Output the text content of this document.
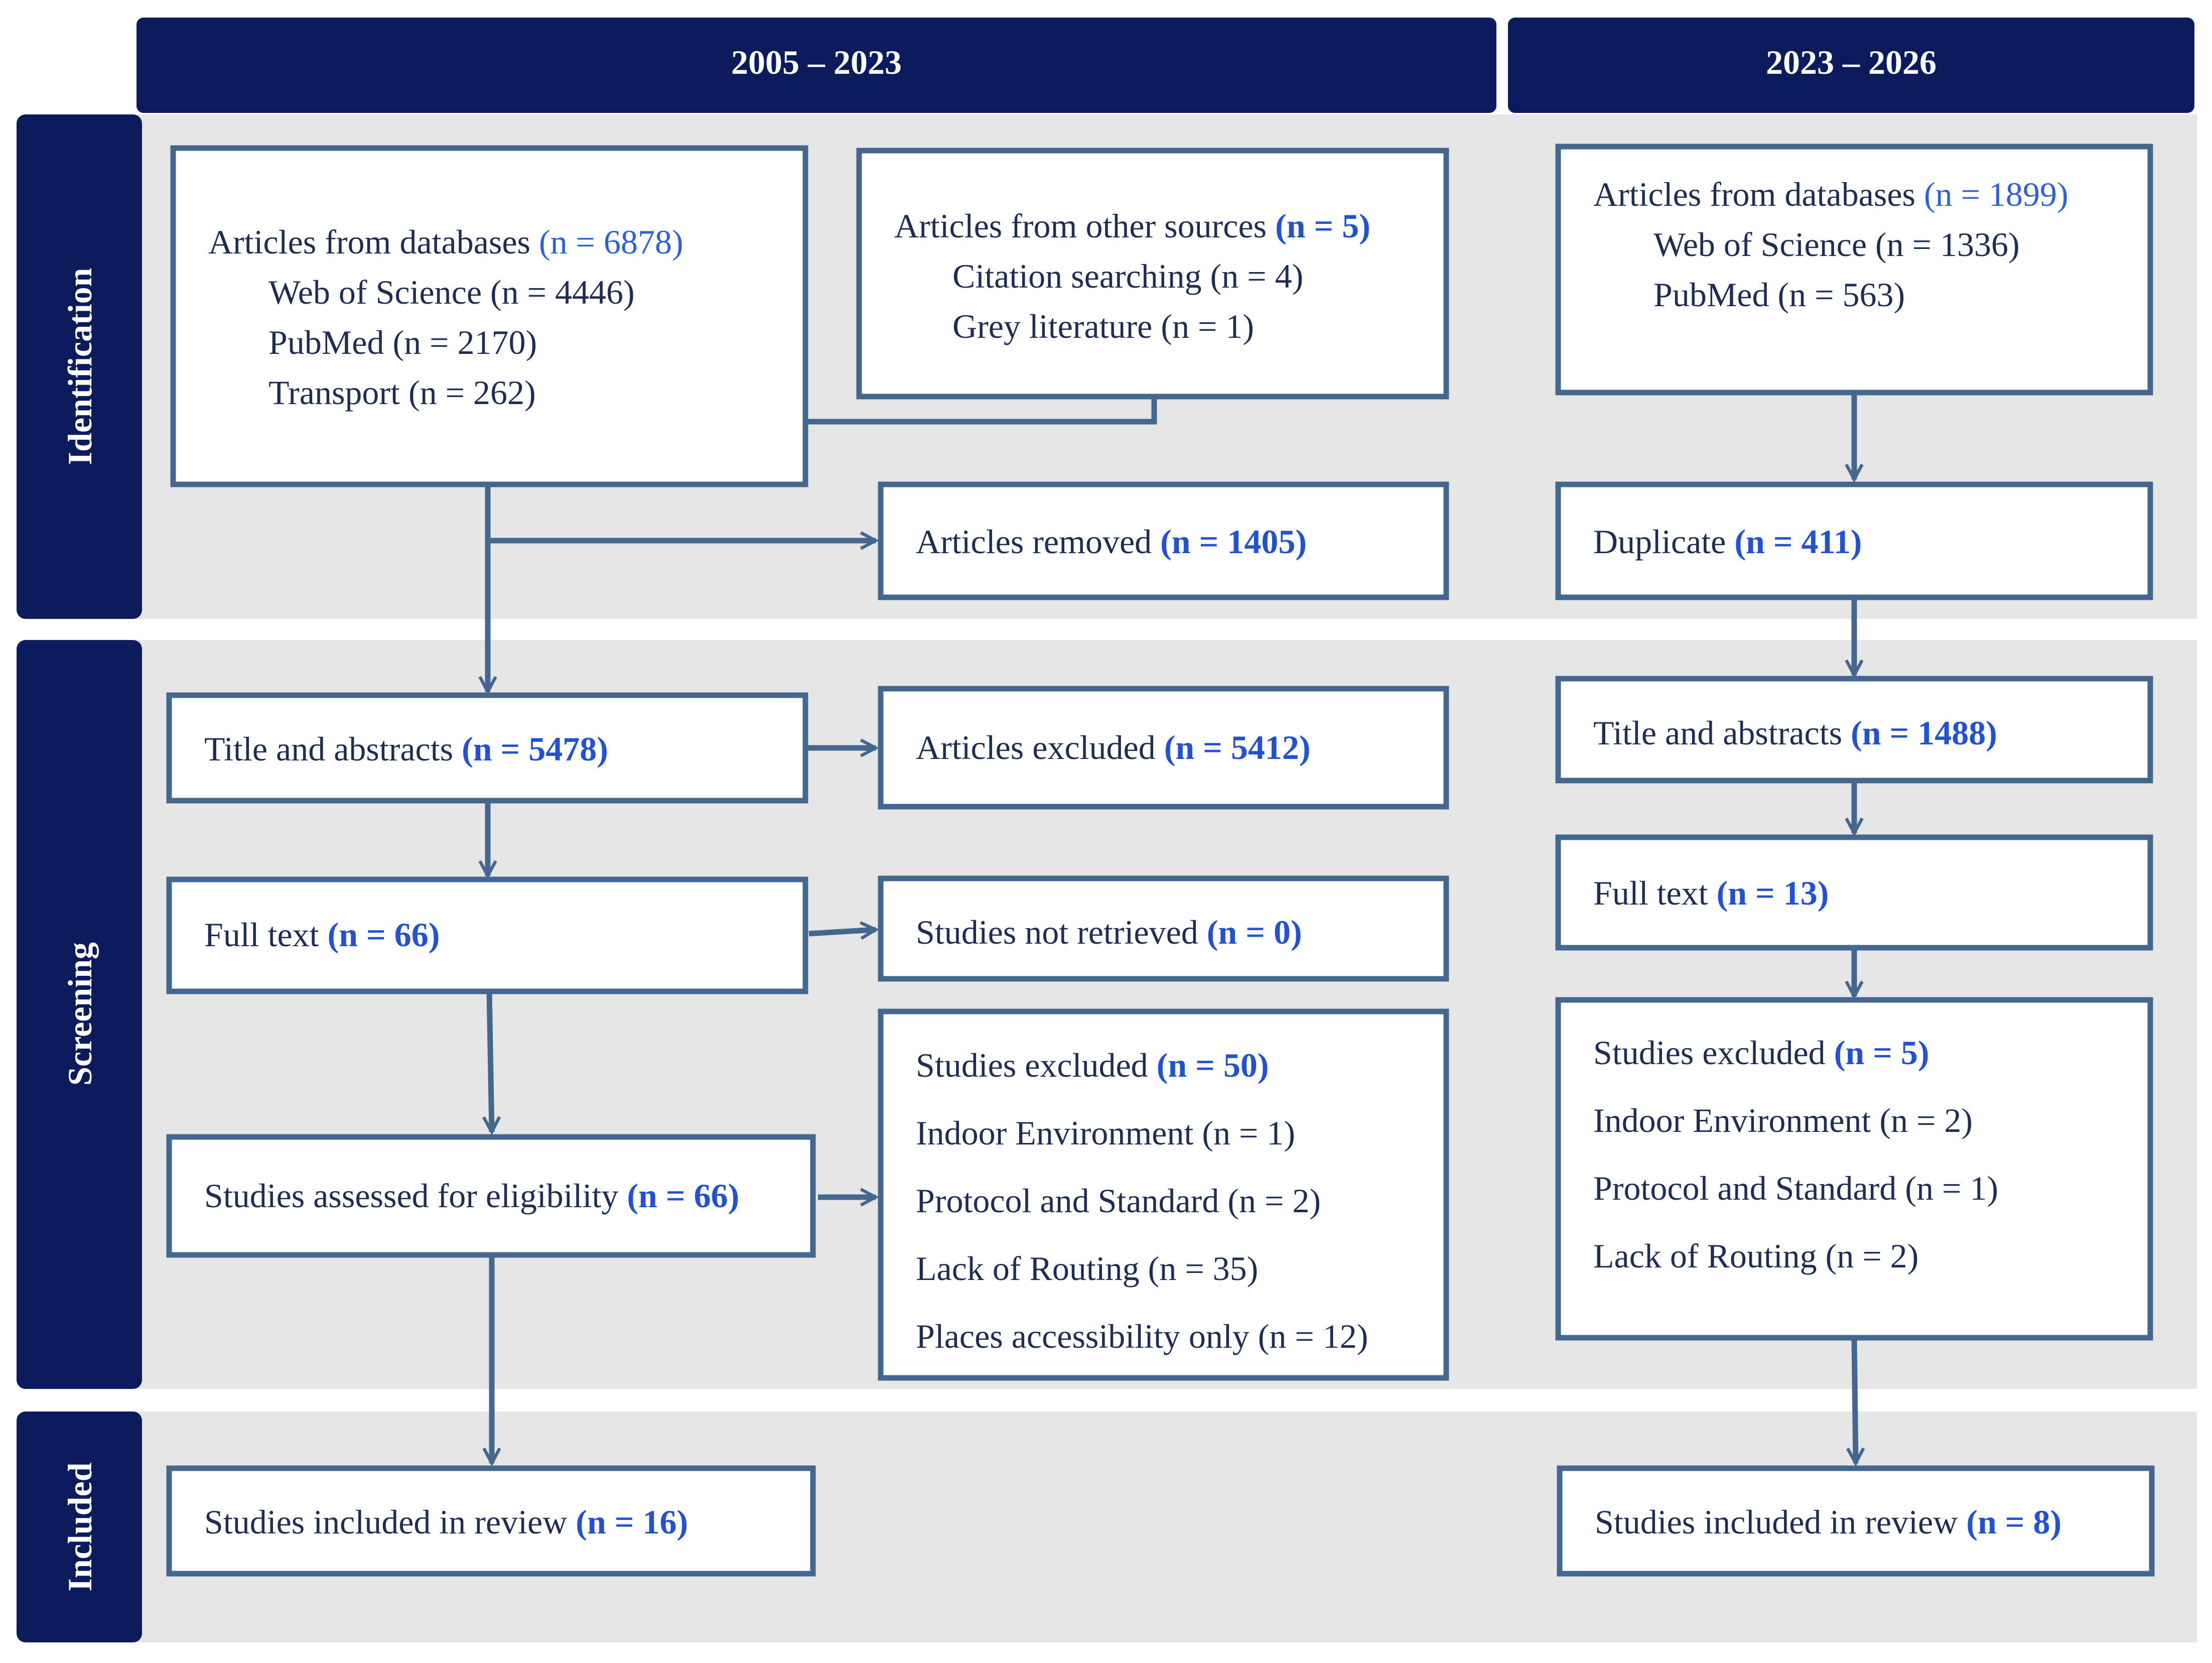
2005 – 2023	2023 – 2026
Identification
Screening
Included
Articles from databases (n = 6878)
Web of Science (n = 4446)
PubMed (n = 2170)
Transport (n = 262)
Articles from other sources (n = 5)
Citation searching (n = 4)
Grey literature (n = 1)
Articles removed (n = 1405)
Title and abstracts (n = 5478)	Articles excluded (n = 5412)
Full text (n = 66)	Studies not retrieved (n = 0)
Studies assessed for eligibility (n = 66)
Studies excluded (n = 50)
Indoor Environment (n = 1)
Protocol and Standard (n = 2)
Lack of Routing (n = 35)
Places accessibility only (n = 12)
Studies included in review (n = 16)
Articles from databases (n = 1899)
Web of Science (n = 1336)
PubMed (n = 563)
Duplicate (n = 411)
Title and abstracts (n = 1488)
Full text (n = 13)
Studies excluded (n = 5)
Indoor Environment (n = 2)
Protocol and Standard (n = 1)
Lack of Routing (n = 2)
Studies included in review (n = 8)
